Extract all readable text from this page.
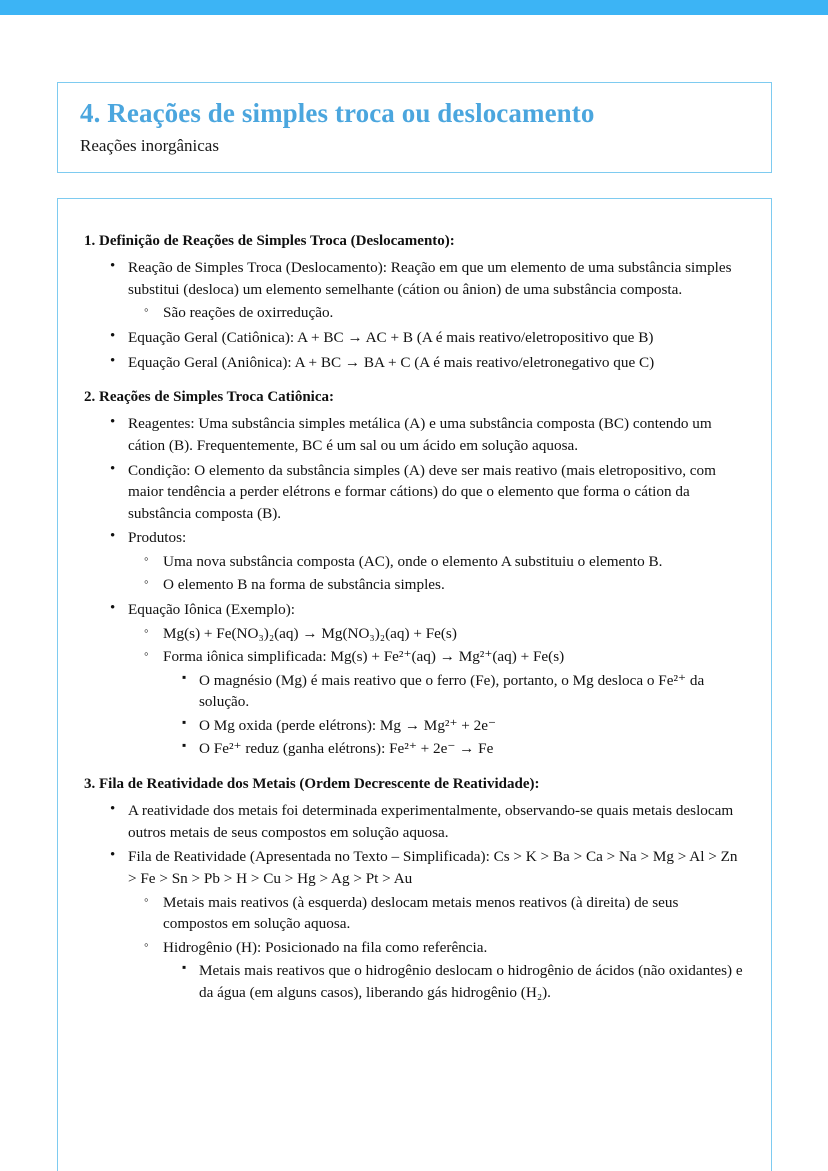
4. Reações de simples troca ou deslocamento
Reações inorgânicas
1. Definição de Reações de Simples Troca (Deslocamento):
• Reação de Simples Troca (Deslocamento): Reação em que um elemento de uma substância simples substitui (desloca) um elemento semelhante (cátion ou ânion) de uma substância composta.
◦ São reações de oxirredução.
• Equação Geral (Catiônica): A + BC → AC + B (A é mais reativo/eletropositivo que B)
• Equação Geral (Aniônica): A + BC → BA + C (A é mais reativo/eletronegativo que C)
2. Reações de Simples Troca Catiônica:
• Reagentes: Uma substância simples metálica (A) e uma substância composta (BC) contendo um cátion (B). Frequentemente, BC é um sal ou um ácido em solução aquosa.
• Condição: O elemento da substância simples (A) deve ser mais reativo (mais eletropositivo, com maior tendência a perder elétrons e formar cátions) do que o elemento que forma o cátion da substância composta (B).
• Produtos:
◦ Uma nova substância composta (AC), onde o elemento A substituiu o elemento B.
◦ O elemento B na forma de substância simples.
• Equação Iônica (Exemplo):
◦ Mg(s) + Fe(NO₃)₂(aq) → Mg(NO₃)₂(aq) + Fe(s)
◦ Forma iônica simplificada: Mg(s) + Fe²⁺(aq) → Mg²⁺(aq) + Fe(s)
▪ O magnésio (Mg) é mais reativo que o ferro (Fe), portanto, o Mg desloca o Fe²⁺ da solução.
▪ O Mg oxida (perde elétrons): Mg → Mg²⁺ + 2e⁻
▪ O Fe²⁺ reduz (ganha elétrons): Fe²⁺ + 2e⁻ → Fe
3. Fila de Reatividade dos Metais (Ordem Decrescente de Reatividade):
• A reatividade dos metais foi determinada experimentalmente, observando-se quais metais deslocam outros metais de seus compostos em solução aquosa.
• Fila de Reatividade (Apresentada no Texto – Simplificada): Cs > K > Ba > Ca > Na > Mg > Al > Zn > Fe > Sn > Pb > H > Cu > Hg > Ag > Pt > Au
◦ Metais mais reativos (à esquerda) deslocam metais menos reativos (à direita) de seus compostos em solução aquosa.
◦ Hidrogênio (H): Posicionado na fila como referência.
▪ Metais mais reativos que o hidrogênio deslocam o hidrogênio de ácidos (não oxidantes) e da água (em alguns casos), liberando gás hidrogênio (H₂).
